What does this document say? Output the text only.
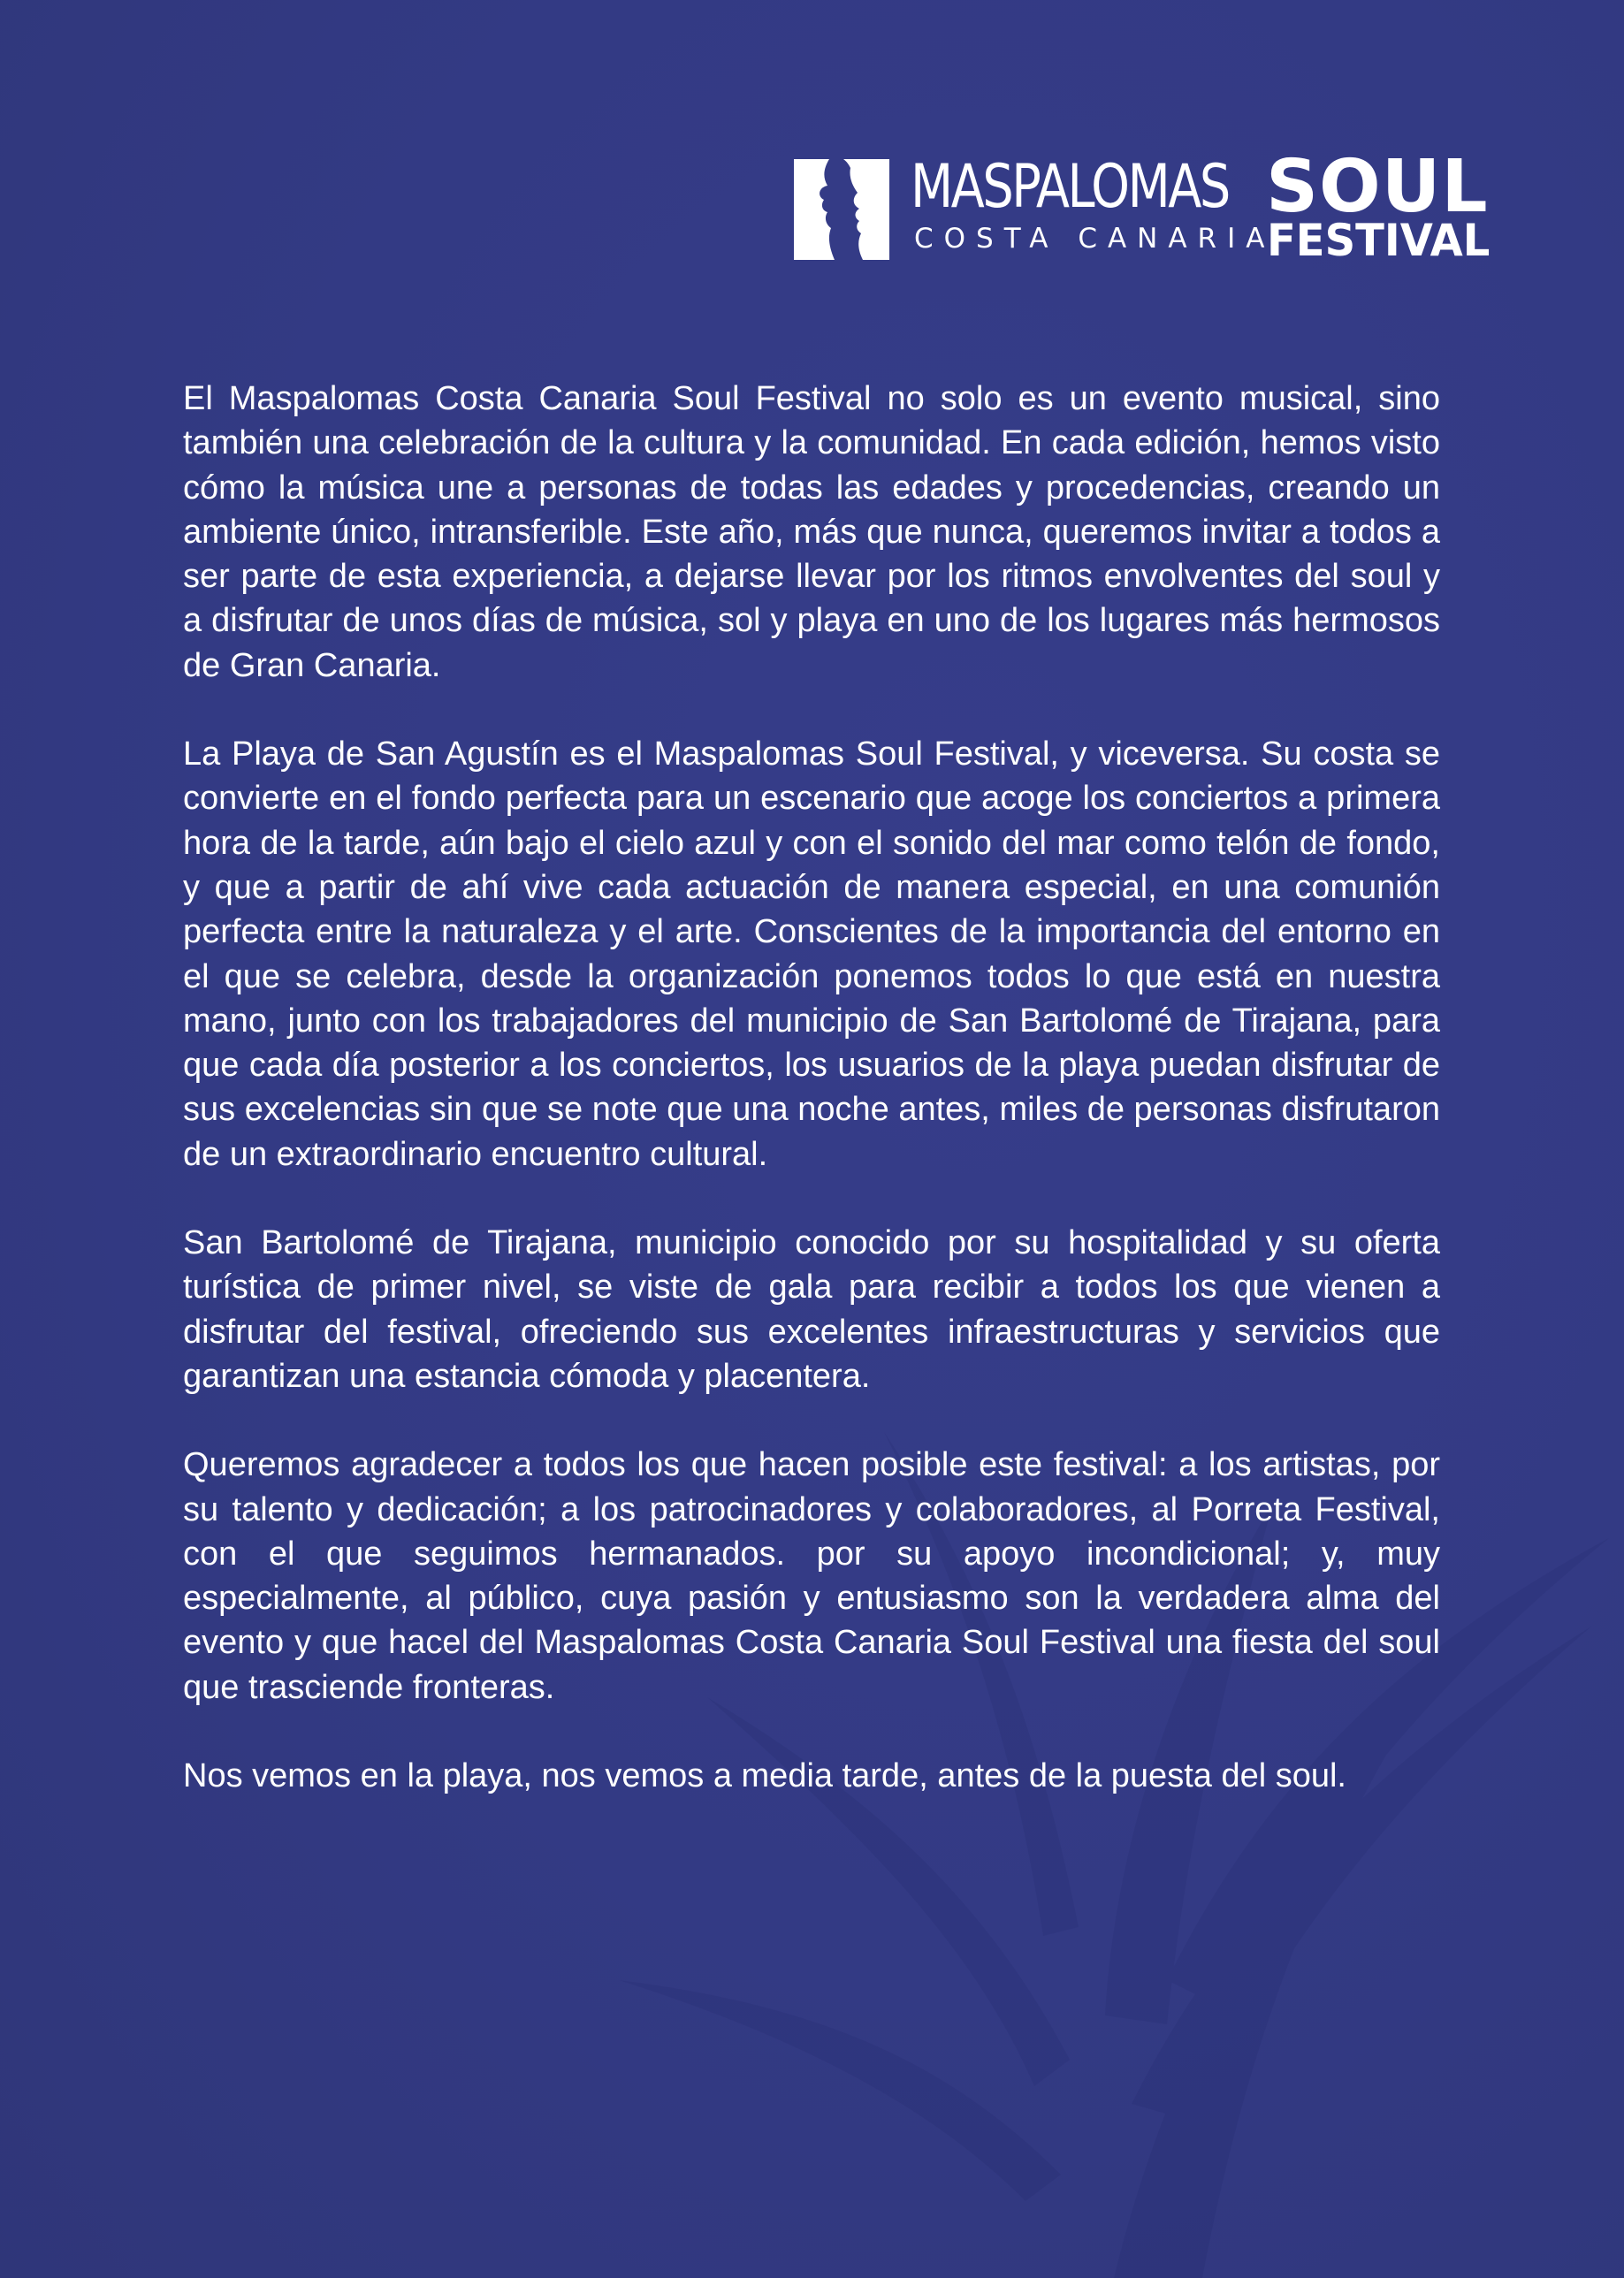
MASPALOMAS
COSTA CANARIA
SOUL
FESTIVAL

El Maspalomas Costa Canaria Soul Festival no solo es un evento musical, sino también una celebración de la cultura y la comunidad. En cada edición, hemos visto cómo la música une a personas de todas las edades y procedencias, creando un ambiente único, intransferible. Este año, más que nunca, queremos invitar a todos a ser parte de esta experiencia, a dejarse llevar por los ritmos envolventes del soul y a disfrutar de unos días de música, sol y playa en uno de los lugares más hermosos de Gran Canaria.

La Playa de San Agustín es el Maspalomas Soul Festival, y viceversa. Su costa se convierte en el fondo perfecta para un escenario que acoge los conciertos a primera hora de la tarde, aún bajo el cielo azul y con el sonido del mar como telón de fondo, y que a partir de ahí vive cada actuación de manera especial, en una comunión perfecta entre la naturaleza y el arte. Conscientes de la importancia del entorno en el que se celebra, desde la organización ponemos todos lo que está en nuestra mano, junto con los trabajadores del municipio de San Bartolomé de Tirajana, para que cada día posterior a los conciertos, los usuarios de la playa puedan disfrutar de sus excelencias sin que se note que una noche antes, miles de personas disfrutaron de un extraordinario encuentro cultural.

San Bartolomé de Tirajana, municipio conocido por su hospitalidad y su oferta turística de primer nivel, se viste de gala para recibir a todos los que vienen a disfrutar del festival, ofreciendo sus excelentes infraestructuras y servicios que garantizan una estancia cómoda y placentera.

Queremos agradecer a todos los que hacen posible este festival: a los artistas, por su talento y dedicación; a los patrocinadores y colaboradores, al Porreta Festival, con el que seguimos hermanados. por su apoyo incondicional; y, muy especialmente, al público, cuya pasión y entusiasmo son la verdadera alma del evento y que hacel del Maspalomas Costa Canaria Soul Festival una fiesta del soul que trasciende fronteras.

Nos vemos en la playa, nos vemos a media tarde, antes de la puesta del soul.
